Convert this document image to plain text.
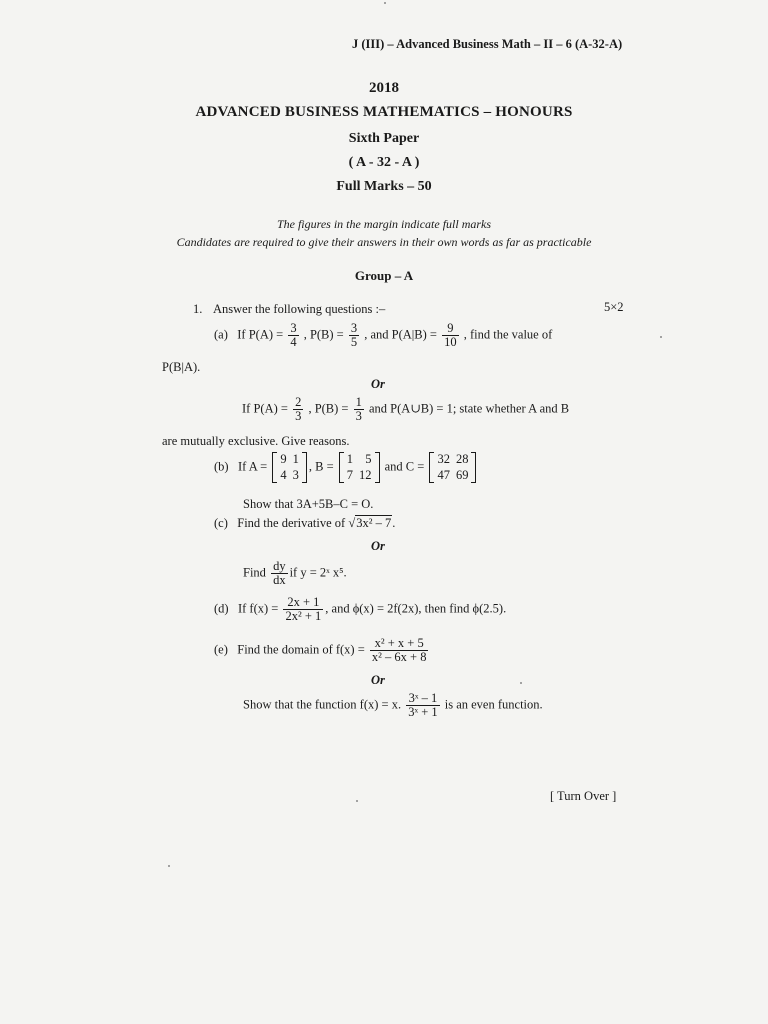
J (III) – Advanced Business Math – II – 6 (A-32-A)
2018
ADVANCED BUSINESS MATHEMATICS – HONOURS
Sixth Paper
( A - 32 - A )
Full Marks – 50
The figures in the margin indicate full marks
Candidates are required to give their answers in their own words as far as practicable
Group – A
1. Answer the following questions :–	5×2
(a) If $P(A) = \frac{3}{4}$ , $P(B) = \frac{3}{5}$ , and $P(A|B) = \frac{9}{10}$ , find the value of
P(B|A).
Or
If $P(A) = \frac{2}{3}$ , $P(B) = \frac{1}{3}$ and P(A∪B) = 1; state whether A and B
are mutually exclusive. Give reasons.
(b) If A =
9	1
4	3
, B =
1	5
7	12
and C =
32	28
47	69
Show that 3A+5B–C = O.
(c) Find the derivative of √3x² – 7.
Or
Find $\frac{dy}{dx}$ if y = 2ˣ x⁵.
(d) If $f(x) = \frac{2x + 1}{\text{2x² + 1}}$ , and ϕ(x) = 2f(2x), then find ϕ(2.5).
(e) Find the domain of $f(x) = \frac{\text{x² + x + 5}}{\text{x² – 6x + 8}}$
Or
Show that the function f(x) = x. $\frac{\text{3ˣ – 1}}{\text{3ˣ + 1}}$ is an even function.
[ Turn Over ]
